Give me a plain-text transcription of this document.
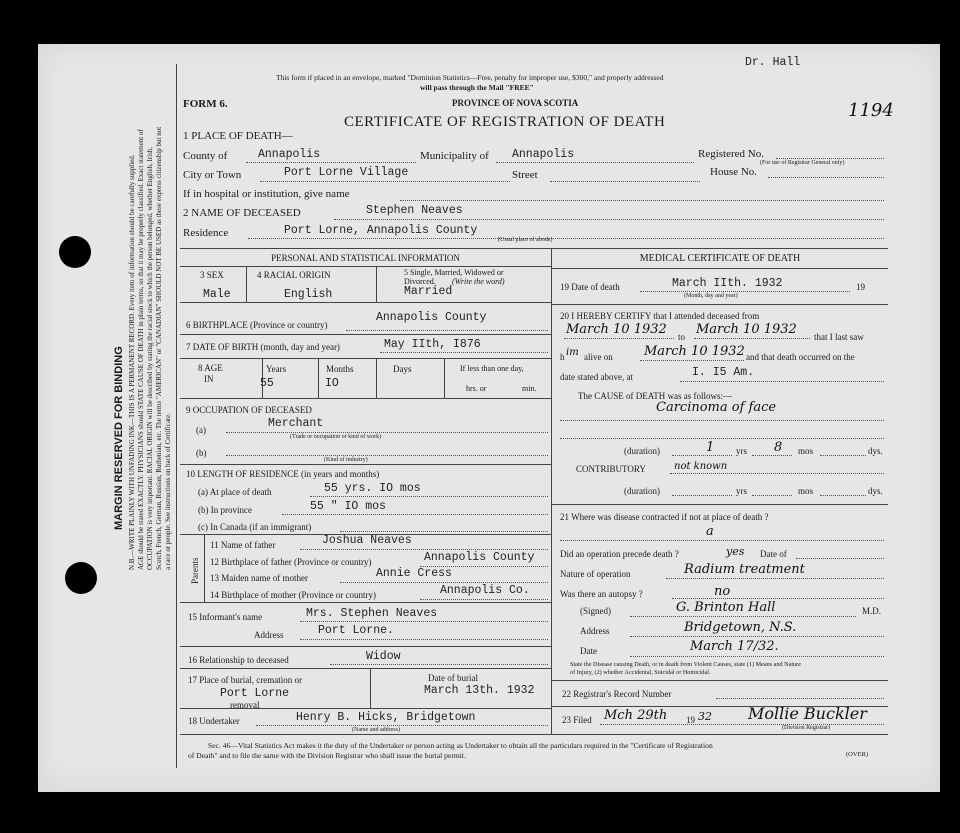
MARGIN RESERVED FOR BINDING N.B.—WRITE PLAINLY WITH UNFADING INK—THIS IS A PERMANENT RECORD. Every item of information should be carefully supplied. AGE should be stated EXACTLY. PHYSICIANS should STATE CAUSE OF DEATH in plain terms, so that it may be properly classified. Exact statement of OCCUPATION is very important. RACIAL ORIGIN will be described by stating the racial stock to which the person belonged, whether English, Irish, Scotch, French, German, Russian, Ruthenian, etc. The terms "AMERICAN" or "CANADIAN" SHOULD NOT BE USED as these express citizenship but not a race or people. See instructions on back of Certificate.
Dr. Hall
This form if placed in an envelope, marked "Dominion Statistics—Free, penalty for improper use, $300," and properly addressed
will pass through the Mail "FREE"
FORM 6.	PROVINCE OF NOVA SCOTIA
CERTIFICATE OF REGISTRATION OF DEATH
1194
1 PLACE OF DEATH—
County of	Annapolis	Municipality of Annapolis	Registered No.
(For use of Registrar General only)
City or Town	Port Lorne Village	Street	House No.
If in hospital or institution, give name
2 NAME OF DECEASED	Stephen Neaves
Residence	Port Lorne, Annapolis County
(Usual place of abode)
PERSONAL AND STATISTICAL INFORMATION
3 SEX
Male
4 RACIAL ORIGIN
English
5 Single, Married, Widowed or
Divorced. (Write the word)
Married
6 BIRTHPLACE (Province or country)
Annapolis County
7 DATE OF BIRTH (month, day and year)	May IIth, I876
8 AGE
IN
Years
55
Months
IO
Days	If less than one day,
hrs. or	min.
9 OCCUPATION OF DECEASED
(a)	Merchant
(Trade or occupation or kind of work)
(b)
(Kind of industry)
10 LENGTH OF RESIDENCE (in years and months)
(a) At place of death	55 yrs. IO mos
(b) In province	55 " IO mos
(c) In Canada (if an immigrant)
Parents
11 Name of father	Joshua Neaves
12 Birthplace of father (Province or country)	Annapolis County
13 Maiden name of mother	Annie Cress
14 Birthplace of mother (Province or country)	Annapolis Co.
15 Informant's name	Mrs. Stephen Neaves
Address	Port Lorne.
16 Relationship to deceased	Widow
17 Place of burial, cremation or
Port Lorne
removal
Date of burial
March 13th. 1932
18 Undertaker	Henry B. Hicks, Bridgetown
(Name and address)
MEDICAL CERTIFICATE OF DEATH
19 Date of death	March IIth. 1932	19
(Month, day and year)
20 I HEREBY CERTIFY that I attended deceased from
March 10 1932 to March 10 1932 that I last saw
h im alive on March 10 1932 and that death occurred on the
date stated above, at	I. I5 Am.
The CAUSE of DEATH was as follows:—
Carcinoma of face
(duration)	1 yrs 8 mos	dys.
CONTRIBUTORY	not known
(duration)	yrs	mos	dys.
21 Where was disease contracted if not at place of death ?
a
Did an operation precede death ?	yes Date of
Nature of operation	Radium treatment
Was there an autopsy ?	no
(Signed)	G. Brinton Hall	M.D.
Address	Bridgetown, N.S.
Date	March 17/32.
State the Disease causing Death, or in death from Violent Causes, state (1) Means and Nature
of Injury, (2) whether Accidental, Suicidal or Homicidal.
22 Registrar's Record Number
23 Filed Mch 29th 19 32 Mollie Buckler
(Division Registrar)
Sec. 46—Vital Statistics Act makes it the duty of the Undertaker or person acting as Undertaker to obtain all the particulars required in the "Certificate of Registration
of Death" and to file the same with the Division Registrar who shall issue the burial permit.	(OVER)
